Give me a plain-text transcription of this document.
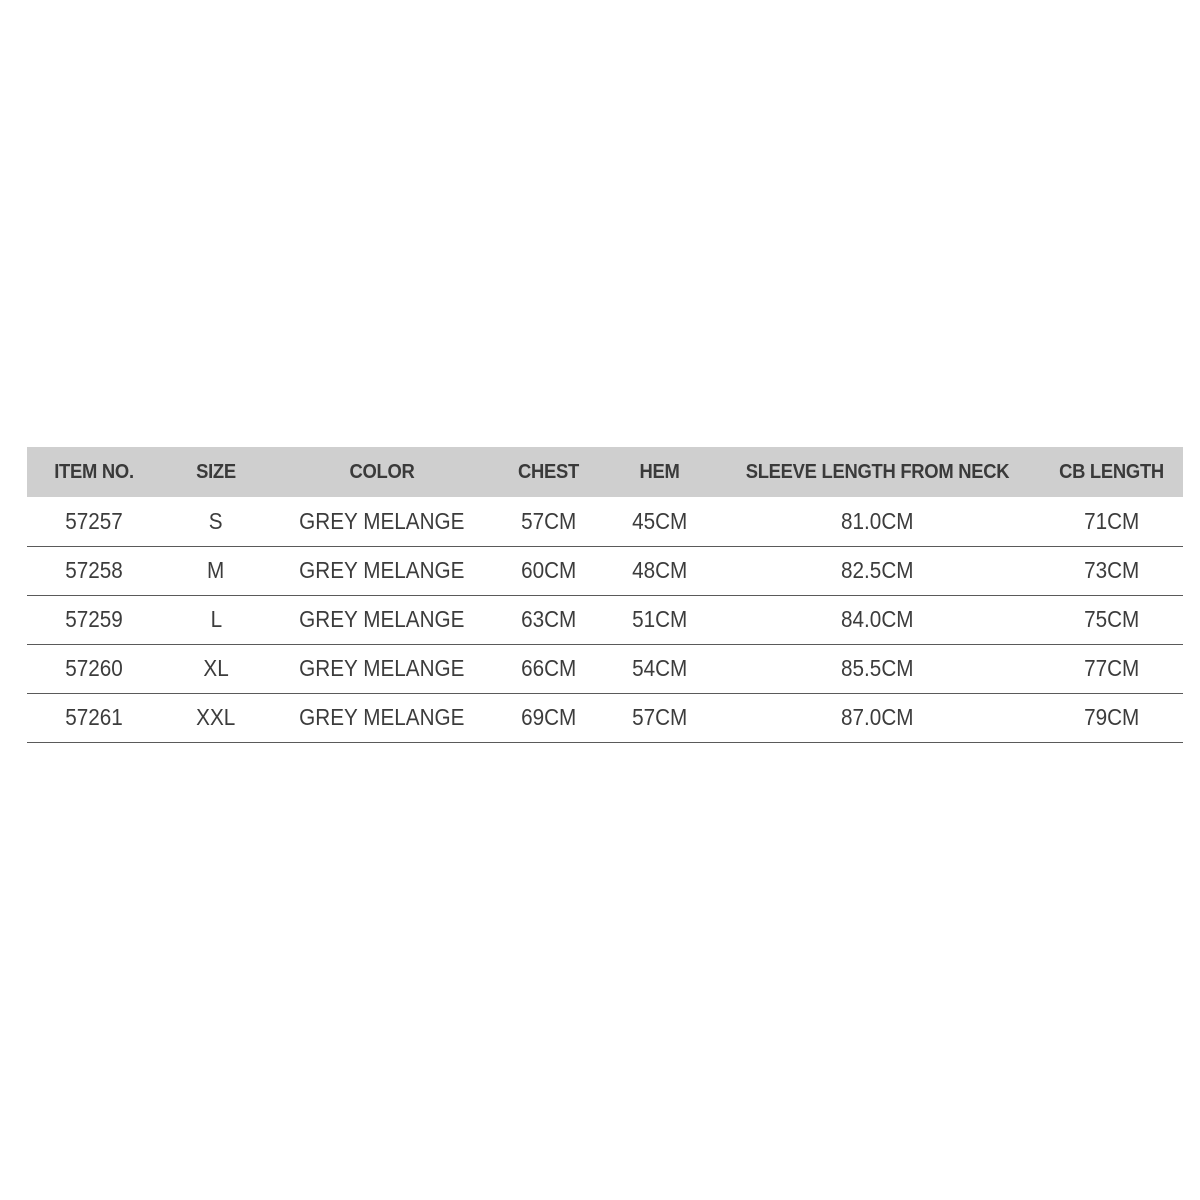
ITEM NO.	SIZE	COLOR	CHEST	HEM	SLEEVE LENGTH FROM NECK	CB LENGTH
57257	S	GREY MELANGE	57CM	45CM	81.0CM	71CM
57258	M	GREY MELANGE	60CM	48CM	82.5CM	73CM
57259	L	GREY MELANGE	63CM	51CM	84.0CM	75CM
57260	XL	GREY MELANGE	66CM	54CM	85.5CM	77CM
57261	XXL	GREY MELANGE	69CM	57CM	87.0CM	79CM
